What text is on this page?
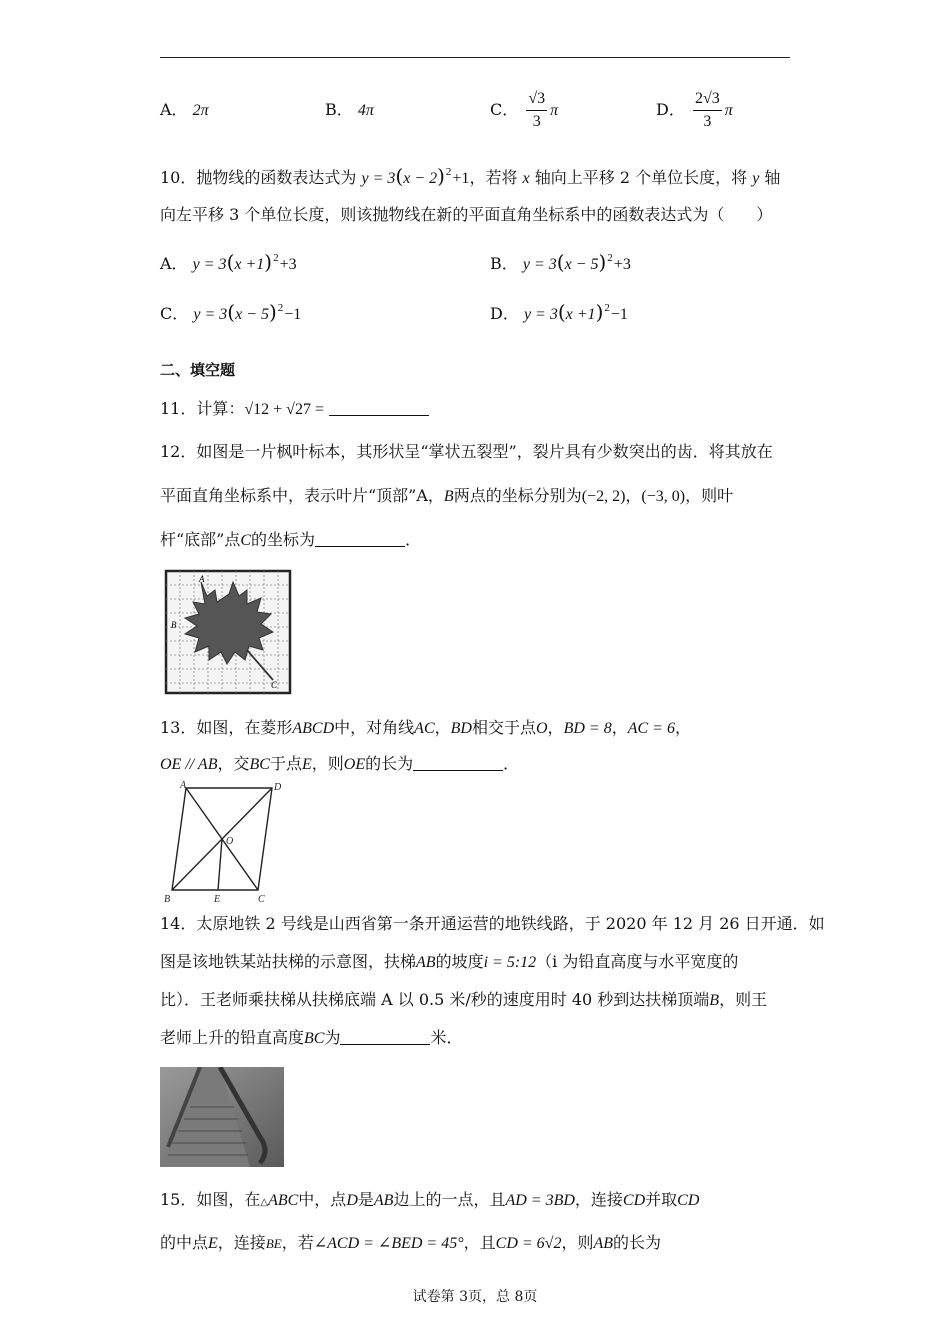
A． 2π	B． 4π	C． $\frac{√3}{3}$ π	D． $\frac{2√3}{3}$ π
10．抛物线的函数表达式为 $y = 3(x - 2)^2+1$，若将 x 轴向上平移 2 个单位长度，将 y 轴
向左平移 3 个单位长度，则该抛物线在新的平面直角坐标系中的函数表达式为（　　）
A． $y = 3(x +1)^2+3$	B． $y = 3(x - 5)^2+3$
C． $y = 3(x - 5)^2-1$	D． $y = 3(x +1)^2-1$
二、填空题
11．计算：√12 + √27 =
12．如图是一片枫叶标本，其形状呈“掌状五裂型”，裂片具有少数突出的齿．将其放在
平面直角坐标系中，表示叶片“顶部”A，B两点的坐标分别为(−2, 2)，(−3, 0)，则叶
杆“底部”点C的坐标为	．
A
B
C
13．如图，在菱形ABCD中，对角线AC，BD相交于点O，BD = 8，AC = 6，
OE // AB，交BC于点E，则OE的长为	．
A	D
B	E	C
O
14．太原地铁 2 号线是山西省第一条开通运营的地铁线路，于 2020 年 12 月 26 日开通．如
图是该地铁某站扶梯的示意图，扶梯AB的坡度i = 5:12（i 为铅直高度与水平宽度的
比）．王老师乘扶梯从扶梯底端 A 以 0.5 米/秒的速度用时 40 秒到达扶梯顶端B，则王
老师上升的铅直高度BC为	米．
15．如图，在△ABC中，点D是AB边上的一点，且AD = 3BD，连接CD并取CD
的中点E，连接BE，若∠ACD = ∠BED = 45°，且CD = 6√2，则AB的长为
试卷第 3页，总 8页
